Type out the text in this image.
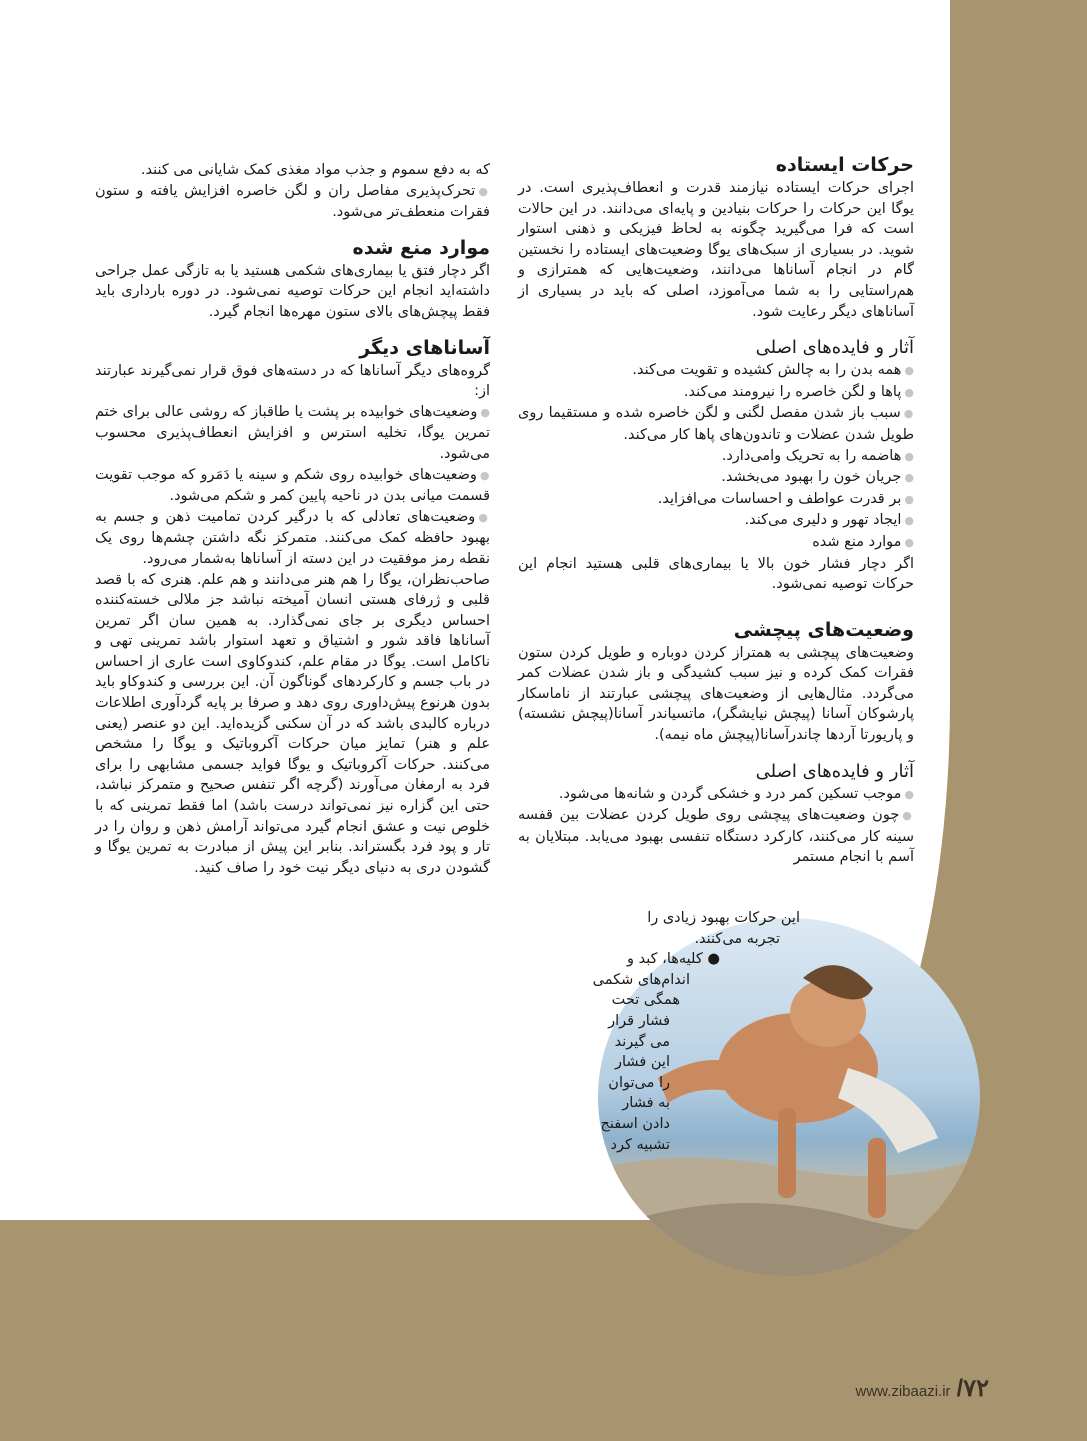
حرکات ایستاده

اجرای حرکات ایستاده نیازمند قدرت و انعطاف‌پذیری است. در یوگا این حرکات را حرکات بنیادین و پایه‌ای می‌دانند. در این حالات است که فرا می‌گیرید چگونه به لحاظ فیزیکی و ذهنی استوار شوید. در بسیاری از سبک‌های یوگا وضعیت‌های ایستاده را نخستین گام در انجام آسانا‌ها می‌دانند، وضعیت‌هایی که همترازی و هم‌راستایی را به شما می‌آموزد، اصلی که باید در بسیاری از آساناهای دیگر رعایت شود.

آثار و فایده‌های اصلی
● همه بدن را به چالش کشیده و تقویت می‌کند.
● پاها و لگن خاصره را نیرومند می‌کند.
● سبب باز شدن مفصل لگنی و لگن خاصره شده و مستقیما روی طویل شدن عضلات و تاندون‌های پاها کار می‌کند.
● هاضمه را به تحریک وامی‌دارد.
● جریان خون را بهبود می‌بخشد.
● بر قدرت عواطف و احساسات می‌افزاید.
● ایجاد تهور و دلیری می‌کند.
● موارد منع شده

اگر دچار فشار خون بالا یا بیماری‌های قلبی هستید انجام این حرکات توصیه نمی‌شود.

وضعیت‌های پیچشی

وضعیت‌های پیچشی به همتراز کردن دوباره و طویل کردن ستون فقرات کمک کرده و نیز سبب کشیدگی و باز شدن عضلات کمر می‌گردد. مثال‌هایی از وضعیت‌های پیچشی عبارتند از ناماسکار پارشوکان آسانا (پیچش نیایشگر)، ماتسیاندر آسانا(پیچش نشسته) و پاریورتا آردها چاندرآسانا(پیچش ماه نیمه).

آثار و فایده‌های اصلی
● موجب تسکین کمر درد و خشکی گردن و شانه‌ها می‌شود.
● چون وضعیت‌های پیچشی روی طویل کردن عضلات بین قفسه سینه کار می‌کنند، کارکرد دستگاه تنفسی بهبود می‌یابد. مبتلایان به آسم با انجام مستمر
این حرکات بهبود زیادی را
تجربه می‌کنند.
● کلیه‌ها، کبد و
اندام‌های شکمی
همگی تحت
فشار قرار
می گیرند
این فشار
را می‌توان
به فشار
دادن اسفنج
تشبیه کرد

که به دفع سموم و جذب مواد مغذی کمک شایانی می کنند.

● تحرک‌پذیری مفاصل ران و لگن خاصره افزایش یافته و ستون فقرات منعطف‌تر می‌شود.
موارد منع شده

اگر دچار فتق یا بیماری‌های شکمی هستید یا به تازگی عمل جراحی داشته‌اید انجام این حرکات توصیه نمی‌شود. در دوره بارداری باید فقط پیچش‌های بالای ستون مهره‌ها انجام گیرد.

آساناهای دیگر

گروه‌های دیگر آساناها که در دسته‌های فوق قرار نمی‌گیرند عبارتند از:

● وضعیت‌های خوابیده بر پشت یا طاقباز که روشی عالی برای ختم تمرین یوگا، تخلیه استرس و افزایش انعطاف‌پذیری محسوب می‌شود.
● وضعیت‌های خوابیده روی شکم و سینه یا دَمَرو که موجب تقویت قسمت میانی بدن در ناحیه پایین کمر و شکم می‌شود.
● وضعیت‌های تعادلی که با درگیر کردن تمامیت ذهن و جسم به بهبود حافظه کمک می‌کنند. متمرکز نگه داشتن چشم‌ها روی یک نقطه رمز موفقیت در این دسته از آساناها به‌شمار می‌رود.

صاحب‌نظران، یوگا را هم هنر می‌دانند و هم علم. هنری که با قصد قلبی و ژرفای هستی انسان آمیخته نباشد جز ملالی خسته‌کننده احساس دیگری بر جای نمی‌گذارد. به همین سان اگر تمرین آساناها فاقد شور و اشتیاق و تعهد استوار باشد تمرینی تهی و ناکامل است. یوگا در مقام علم، کندوکاوی است عاری از احساس در باب جسم و کارکردهای گوناگون آن. این بررسی و کندوکاو باید بدون هرنوع پیش‌داوری روی دهد و صرفا بر پایه گردآوری اطلاعات درباره کالبدی باشد که در آن سکنی گزیده‌اید. این دو عنصر (یعنی علم و هنر) تمایز میان حرکات آکروباتیک و یوگا را مشخص می‌کنند. حرکات آکروباتیک و یوگا فواید جسمی مشابهی را برای فرد به ارمغان می‌آورند (گرچه اگر تنفس صحیح و متمرکز نباشد، حتی این گزاره نیز نمی‌تواند درست باشد) اما فقط تمرینی که با خلوص نیت و عشق انجام گیرد می‌تواند آرامش ذهن و روان را در تار و پود فرد بگستراند. بنابر این پیش از مبادرت به تمرین یوگا و گشودن دری به دنیای دیگر نیت خود را صاف کنید.

www.zibaazi.ir /۷۲
